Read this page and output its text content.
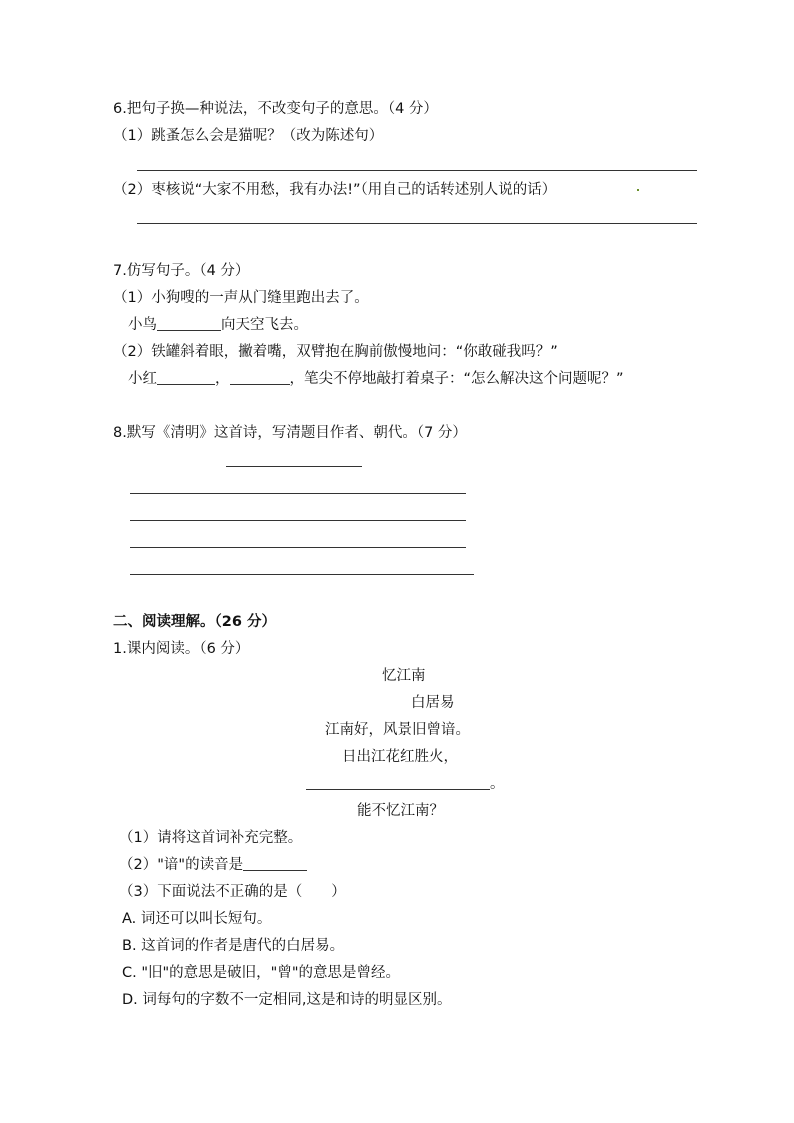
6.把句子换—种说法，不改变句子的意思。（4 分）
（1）跳蚤怎么会是猫呢？（改为陈述句）
（2）枣核说“大家不用愁，我有办法!”（用自己的话转述别人说的话）
7.仿写句子。（4 分）
（1）小狗嗖的一声从门缝里跑出去了。
小鸟	向天空飞去。
（2）铁罐斜着眼，撇着嘴，双臂抱在胸前傲慢地问：“你敢碰我吗？”
小红	，	，笔尖不停地敲打着桌子：“怎么解决这个问题呢？”
8.默写《清明》这首诗，写清题目作者、朝代。（7 分）
二、阅读理解。（26 分）
1.课内阅读。（6 分）
忆江南
白居易
江南好，风景旧曾谙。
日出江花红胜火，
。
能不忆江南？
（1）请将这首词补充完整。
（2）"谙"的读音是
（3）下面说法不正确的是（　　）
A. 词还可以叫长短句。
B. 这首词的作者是唐代的白居易。
C. "旧"的意思是破旧，"曾"的意思是曾经。
D. 词每句的字数不一定相同,这是和诗的明显区别。
